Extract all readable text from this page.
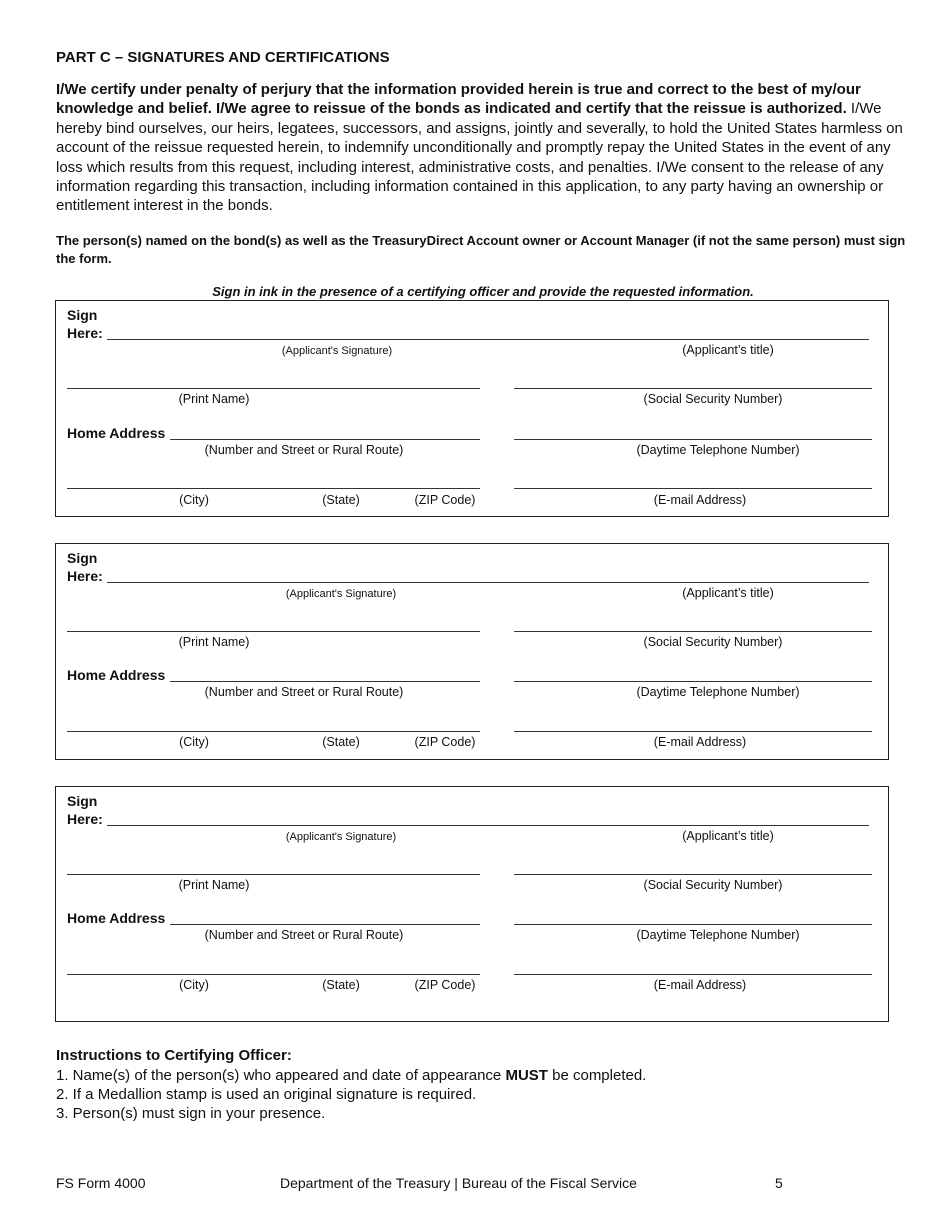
PART C – SIGNATURES AND CERTIFICATIONS
I/We certify under penalty of perjury that the information provided herein is true and correct to the best of my/our knowledge and belief. I/We agree to reissue of the bonds as indicated and certify that the reissue is authorized. I/We hereby bind ourselves, our heirs, legatees, successors, and assigns, jointly and severally, to hold the United States harmless on account of the reissue requested herein, to indemnify unconditionally and promptly repay the United States in the event of any loss which results from this request, including interest, administrative costs, and penalties. I/We consent to the release of any information regarding this transaction, including information contained in this application, to any party having an ownership or entitlement interest in the bonds.
The person(s) named on the bond(s) as well as the TreasuryDirect Account owner or Account Manager (if not the same person) must sign the form.
Sign in ink in the presence of a certifying officer and provide the requested information.
Sign
Here:
(Applicant's Signature)	(Applicant’s title)
(Print Name)	(Social Security Number)
Home Address
(Number and Street or Rural Route)	(Daytime Telephone Number)
(City)	(State)	(ZIP Code)	(E-mail Address)
Sign
Here:
(Applicant's Signature)	(Applicant’s title)
(Print Name)	(Social Security Number)
Home Address
(Number and Street or Rural Route)	(Daytime Telephone Number)
(City)	(State)	(ZIP Code)	(E-mail Address)
Sign
Here:
(Applicant's Signature)	(Applicant’s title)
(Print Name)	(Social Security Number)
Home Address
(Number and Street or Rural Route)	(Daytime Telephone Number)
(City)	(State)	(ZIP Code)	(E-mail Address)
Instructions to Certifying Officer:
1. Name(s) of the person(s) who appeared and date of appearance MUST be completed.
2. If a Medallion stamp is used an original signature is required.
3. Person(s) must sign in your presence.
FS Form 4000	Department of the Treasury | Bureau of the Fiscal Service	5
